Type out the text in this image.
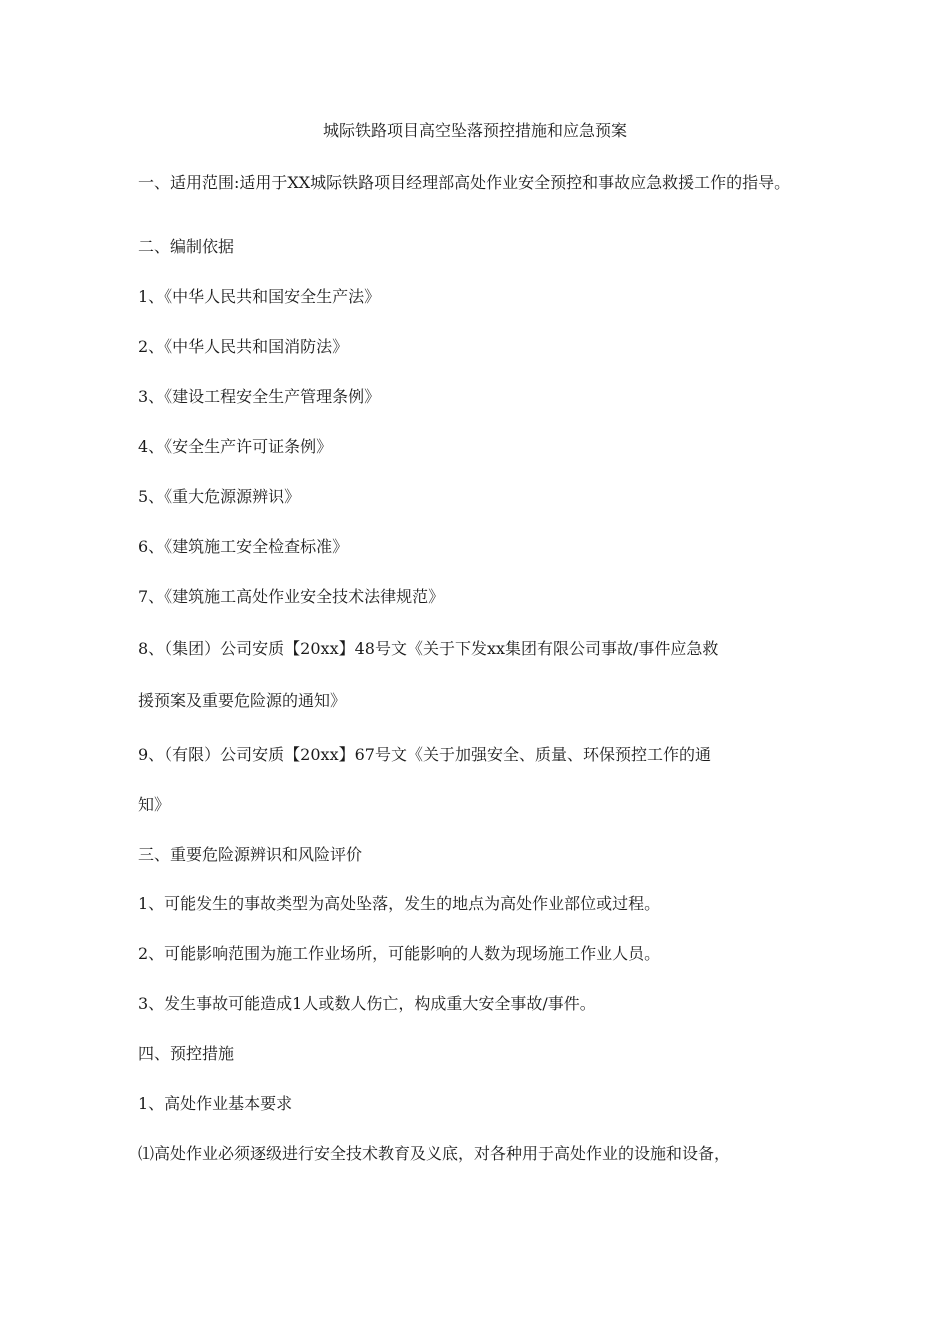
城际铁路项目高空坠落预控措施和应急预案
一、适用范围:适用于XX城际铁路项目经理部高处作业安全预控和事故应急救援工作的指导。
二、编制依据
1、《中华人民共和国安全生产法》
2、《中华人民共和国消防法》
3、《建设工程安全生产管理条例》
4、《安全生产许可证条例》
5、《重大危源源辨识》
6、《建筑施工安全检查标准》
7、《建筑施工高处作业安全技术法律规范》
8、（集团）公司安质【20xx】48号文《关于下发xx集团有限公司事故/事件应急救
援预案及重要危险源的通知》
9、（有限）公司安质【20xx】67号文《关于加强安全、质量、环保预控工作的通
知》
三、重要危险源辨识和风险评价
1、可能发生的事故类型为高处坠落，发生的地点为高处作业部位或过程。
2、可能影响范围为施工作业场所，可能影响的人数为现场施工作业人员。
3、发生事故可能造成1人或数人伤亡，构成重大安全事故/事件。
四、预控措施
1、高处作业基本要求
⑴高处作业必须逐级进行安全技术教育及义底，对各种用于高处作业的设施和设备，
